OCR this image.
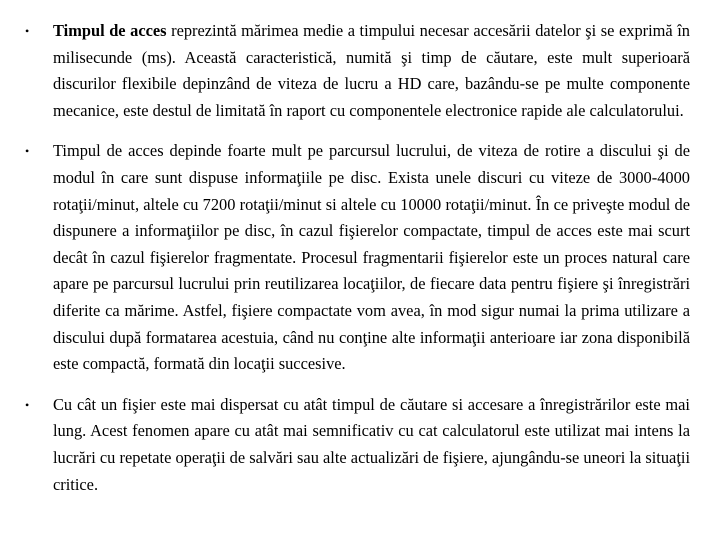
•	Timpul de acces reprezintă mărimea medie a timpului necesar accesării datelor şi se exprimă în milisecunde (ms). Această caracteristică, numită şi timp de căutare, este mult superioară discurilor flexibile depinzând de viteza de lucru a HD care, bazându-se pe multe componente mecanice, este destul de limitată în raport cu componentele electronice rapide ale calculatorului.
•	Timpul de acces depinde foarte mult pe parcursul lucrului, de viteza de rotire a discului şi de modul în care sunt dispuse informaţiile pe disc. Exista unele discuri cu viteze de 3000-4000 rotaţii/minut, altele cu 7200 rotaţii/minut si altele cu 10000 rotaţii/minut. În ce priveşte modul de dispunere a informaţiilor pe disc, în cazul fişierelor compactate, timpul de acces este mai scurt decât în cazul fişierelor fragmentate. Procesul fragmentarii fişierelor este un proces natural care apare pe parcursul lucrului prin reutilizarea locaţiilor, de fiecare data pentru fişiere şi înregistrări diferite ca mărime. Astfel, fişiere compactate vom avea, în mod sigur numai la prima utilizare a discului după formatarea acestuia, când nu conţine alte informaţii anterioare iar zona disponibilă este compactă, formată din locaţii succesive.
•	Cu cât un fişier este mai dispersat cu atât timpul de căutare si accesare a înregistrărilor este mai lung. Acest fenomen apare cu atât mai semnificativ cu cat calculatorul este utilizat mai intens la lucrări cu repetate operaţii de salvări sau alte actualizări de fişiere, ajungându-se uneori la situaţii critice.
